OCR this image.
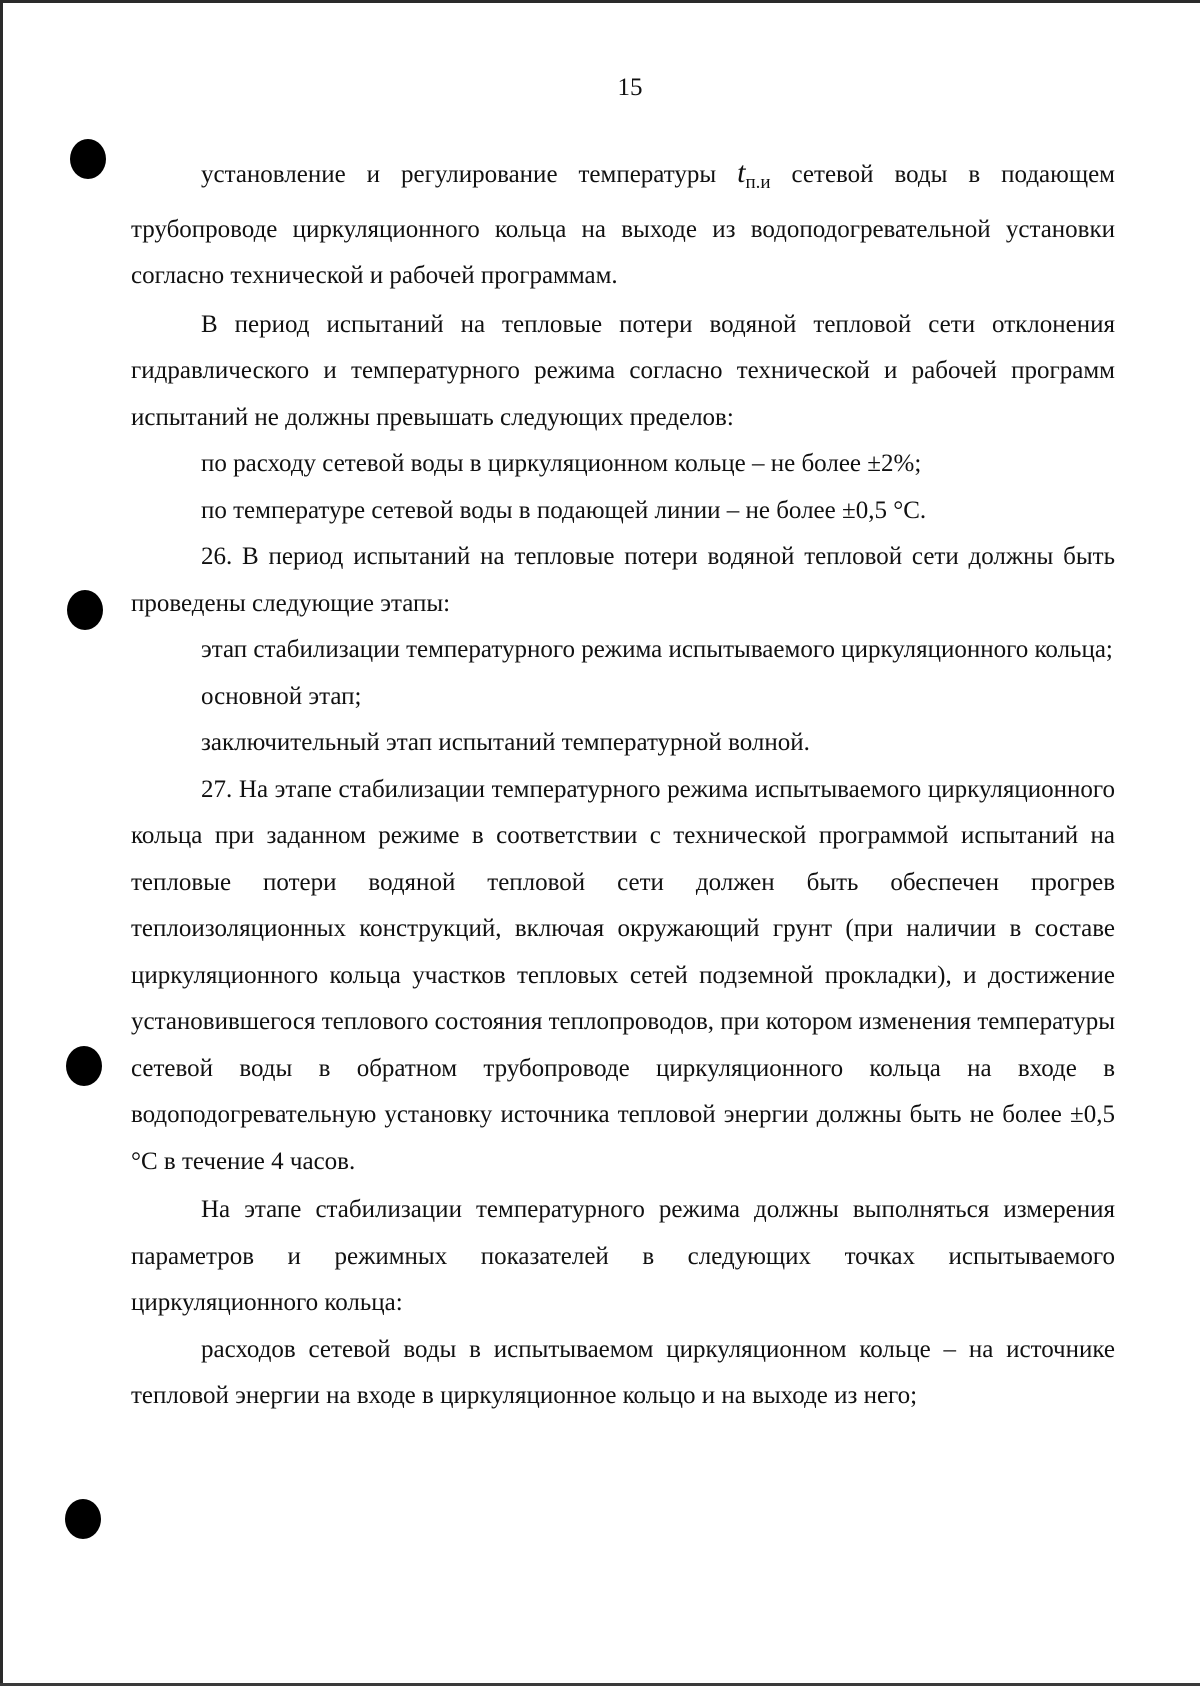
15

установление и регулирование температуры $t_{п.и}$ сетевой воды в подающем трубопроводе циркуляционного кольца на выходе из водоподогревательной установки согласно технической и рабочей программам.

В период испытаний на тепловые потери водяной тепловой сети отклонения гидравлического и температурного режима согласно технической и рабочей программ испытаний не должны превышать следующих пределов:

по расходу сетевой воды в циркуляционном кольце – не более ±2%;

по температуре сетевой воды в подающей линии – не более ±0,5 °С.

26. В период испытаний на тепловые потери водяной тепловой сети должны быть проведены следующие этапы:

этап стабилизации температурного режима испытываемого циркуляционного кольца;

основной этап;

заключительный этап испытаний температурной волной.

27. На этапе стабилизации температурного режима испытываемого циркуляционного кольца при заданном режиме в соответствии с технической программой испытаний на тепловые потери водяной тепловой сети должен быть обеспечен прогрев теплоизоляционных конструкций, включая окружающий грунт (при наличии в составе циркуляционного кольца участков тепловых сетей подземной прокладки), и достижение установившегося теплового состояния теплопроводов, при котором изменения температуры сетевой воды в обратном трубопроводе циркуляционного кольца на входе в водоподогревательную установку источника тепловой энергии должны быть не более ±0,5 °С в течение 4 часов.

На этапе стабилизации температурного режима должны выполняться измерения параметров и режимных показателей в следующих точках испытываемого циркуляционного кольца:

расходов сетевой воды в испытываемом циркуляционном кольце – на источнике тепловой энергии на входе в циркуляционное кольцо и на выходе из него;
